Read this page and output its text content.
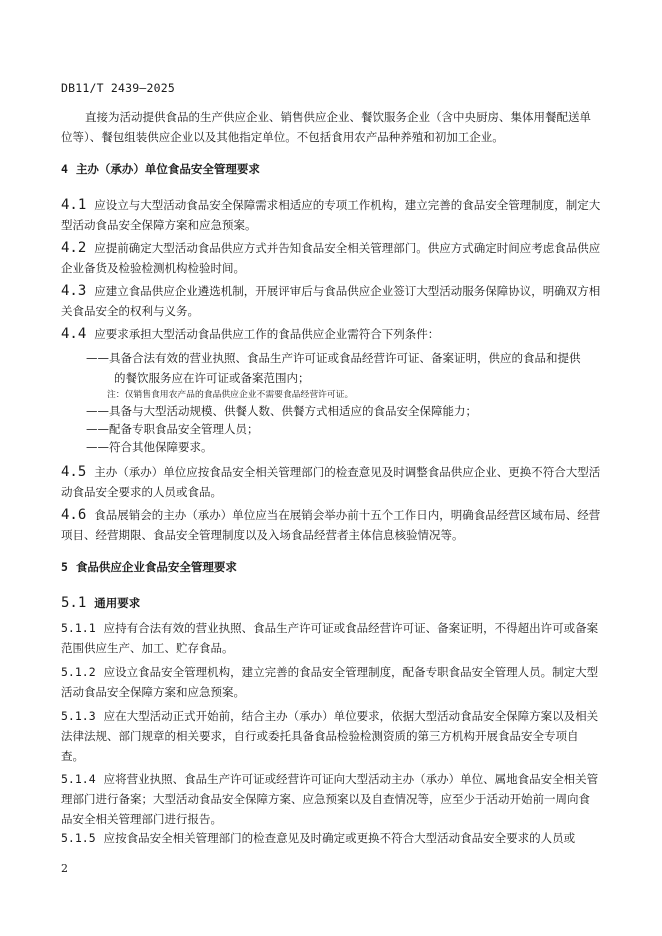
DB11/T 2439—2025
直接为活动提供食品的生产供应企业、销售供应企业、餐饮服务企业（含中央厨房、集体用餐配送单位等）、餐包组装供应企业以及其他指定单位。不包括食用农产品种养殖和初加工企业。
4 主办（承办）单位食品安全管理要求
4.1 应设立与大型活动食品安全保障需求相适应的专项工作机构，建立完善的食品安全管理制度，制定大型活动食品安全保障方案和应急预案。
4.2 应提前确定大型活动食品供应方式并告知食品安全相关管理部门。供应方式确定时间应考虑食品供应企业备货及检验检测机构检验时间。
4.3 应建立食品供应企业遴选机制，开展评审后与食品供应企业签订大型活动服务保障协议，明确双方相关食品安全的权利与义务。
4.4 应要求承担大型活动食品供应工作的食品供应企业需符合下列条件：
——具备合法有效的营业执照、食品生产许可证或食品经营许可证、备案证明，供应的食品和提供
的餐饮服务应在许可证或备案范围内；
注：仅销售食用农产品的食品供应企业不需要食品经营许可证。
——具备与大型活动规模、供餐人数、供餐方式相适应的食品安全保障能力；
——配备专职食品安全管理人员；
——符合其他保障要求。
4.5 主办（承办）单位应按食品安全相关管理部门的检查意见及时调整食品供应企业、更换不符合大型活动食品安全要求的人员或食品。
4.6 食品展销会的主办（承办）单位应当在展销会举办前十五个工作日内，明确食品经营区域布局、经营项目、经营期限、食品安全管理制度以及入场食品经营者主体信息核验情况等。
5 食品供应企业食品安全管理要求
5.1 通用要求
5.1.1 应持有合法有效的营业执照、食品生产许可证或食品经营许可证、备案证明，不得超出许可或备案范围供应生产、加工、贮存食品。
5.1.2 应设立食品安全管理机构，建立完善的食品安全管理制度，配备专职食品安全管理人员。制定大型活动食品安全保障方案和应急预案。
5.1.3 应在大型活动正式开始前，结合主办（承办）单位要求，依据大型活动食品安全保障方案以及相关法律法规、部门规章的相关要求，自行或委托具备食品检验检测资质的第三方机构开展食品安全专项自查。
5.1.4 应将营业执照、食品生产许可证或经营许可证向大型活动主办（承办）单位、属地食品安全相关管理部门进行备案；大型活动食品安全保障方案、应急预案以及自查情况等，应至少于活动开始前一周向食品安全相关管理部门进行报告。
5.1.5 应按食品安全相关管理部门的检查意见及时确定或更换不符合大型活动食品安全要求的人员或
2
